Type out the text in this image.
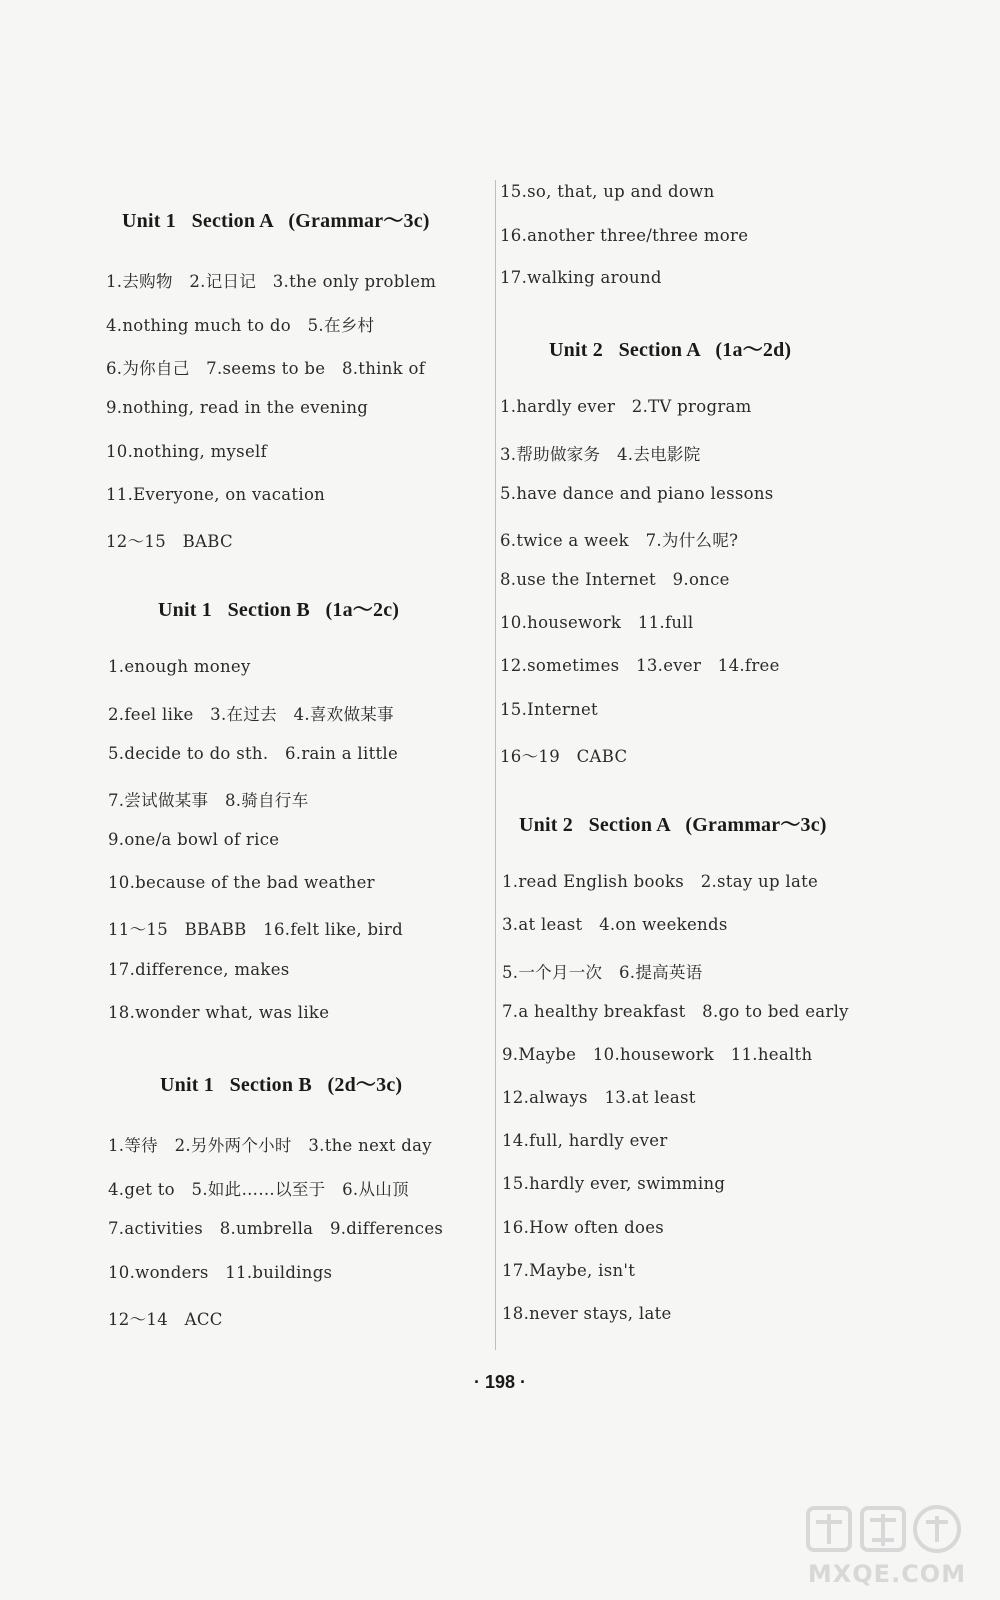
Unit 1   Section A   (Grammar～3c)
1.去购物   2.记日记   3.the only problem
4.nothing much to do   5.在乡村
6.为你自己   7.seems to be   8.think of
9.nothing, read in the evening
10.nothing, myself
11.Everyone, on vacation
12～15   BABC
Unit 1   Section B   (1a～2c)
1.enough money
2.feel like   3.在过去   4.喜欢做某事
5.decide to do sth.   6.rain a little
7.尝试做某事   8.骑自行车
9.one/a bowl of rice
10.because of the bad weather
11～15   BBABB   16.felt like, bird
17.difference, makes
18.wonder what, was like
Unit 1   Section B   (2d～3c)
1.等待   2.另外两个小时   3.the next day
4.get to   5.如此……以至于   6.从山顶
7.activities   8.umbrella   9.differences
10.wonders   11.buildings
12～14   ACC
15.so, that, up and down
16.another three/three more
17.walking around
Unit 2   Section A   (1a～2d)
1.hardly ever   2.TV program
3.帮助做家务   4.去电影院
5.have dance and piano lessons
6.twice a week   7.为什么呢?
8.use the Internet   9.once
10.housework   11.full
12.sometimes   13.ever   14.free
15.Internet
16～19   CABC
Unit 2   Section A   (Grammar～3c)
1.read English books   2.stay up late
3.at least   4.on weekends
5.一个月一次   6.提高英语
7.a healthy breakfast   8.go to bed early
9.Maybe   10.housework   11.health
12.always   13.at least
14.full, hardly ever
15.hardly ever, swimming
16.How often does
17.Maybe, isn't
18.never stays, late
· 198 ·
MXQE.COM
